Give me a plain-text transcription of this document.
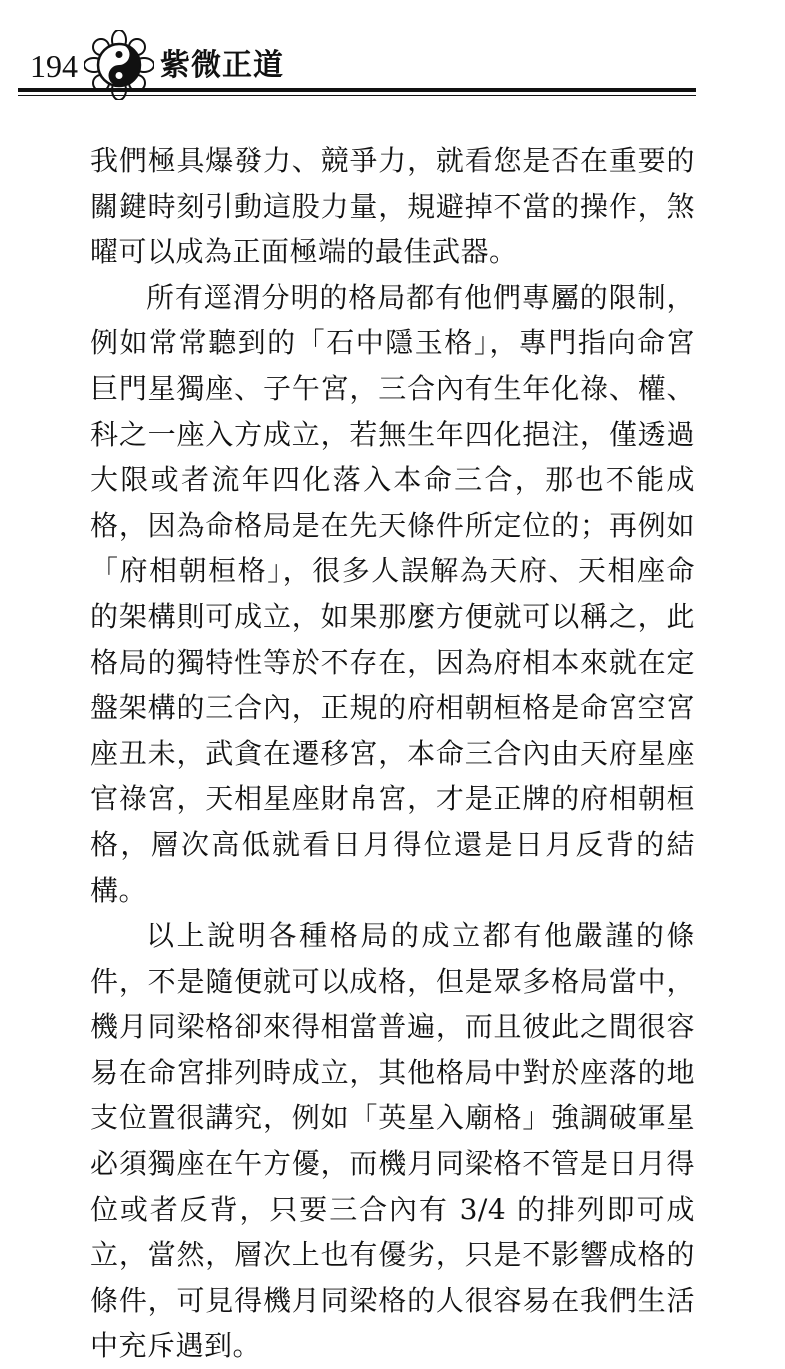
194	紫微正道

我們極具爆發力、競爭力，就看您是否在重要的關鍵時刻引動這股力量，規避掉不當的操作，煞曜可以成為正面極端的最佳武器。

所有逕渭分明的格局都有他們專屬的限制，例如常常聽到的「石中隱玉格」，專門指向命宮巨門星獨座、子午宮，三合內有生年化祿、權、科之一座入方成立，若無生年四化挹注，僅透過大限或者流年四化落入本命三合，那也不能成格，因為命格局是在先天條件所定位的；再例如「府相朝桓格」，很多人誤解為天府、天相座命的架構則可成立，如果那麼方便就可以稱之，此格局的獨特性等於不存在，因為府相本來就在定盤架構的三合內，正規的府相朝桓格是命宮空宮座丑未，武貪在遷移宮，本命三合內由天府星座官祿宮，天相星座財帛宮，才是正牌的府相朝桓格，層次高低就看日月得位還是日月反背的結構。

以上說明各種格局的成立都有他嚴謹的條件，不是隨便就可以成格，但是眾多格局當中，機月同梁格卻來得相當普遍，而且彼此之間很容易在命宮排列時成立，其他格局中對於座落的地支位置很講究，例如「英星入廟格」強調破軍星必須獨座在午方優，而機月同梁格不管是日月得位或者反背，只要三合內有 3/4 的排列即可成立，當然，層次上也有優劣，只是不影響成格的條件，可見得機月同梁格的人很容易在我們生活中充斥遇到。
